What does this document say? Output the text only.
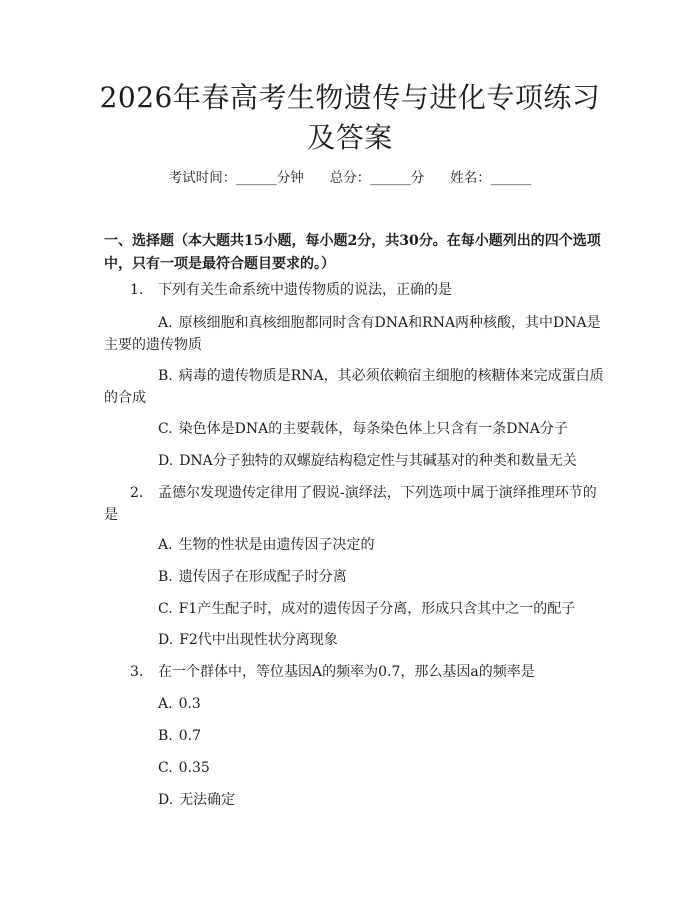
2026年春高考生物遗传与进化专项练习及答案
考试时间：______分钟 总分：______分 姓名：______

一、选择题（本大题共15小题，每小题2分，共30分。在每小题列出的四个选项中，只有一项是最符合题目要求的。）

1. 下列有关生命系统中遗传物质的说法，正确的是

A. 原核细胞和真核细胞都同时含有DNA和RNA两种核酸，其中DNA是主要的遗传物质

B. 病毒的遗传物质是RNA，其必须依赖宿主细胞的核糖体来完成蛋白质的合成

C. 染色体是DNA的主要载体，每条染色体上只含有一条DNA分子

D. DNA分子独特的双螺旋结构稳定性与其碱基对的种类和数量无关

2. 孟德尔发现遗传定律用了假说-演绎法，下列选项中属于演绎推理环节的是

A. 生物的性状是由遗传因子决定的

B. 遗传因子在形成配子时分离

C. F1产生配子时，成对的遗传因子分离，形成只含其中之一的配子

D. F2代中出现性状分离现象

3. 在一个群体中，等位基因A的频率为0.7，那么基因a的频率是

A. 0.3

B. 0.7

C. 0.35

D. 无法确定
